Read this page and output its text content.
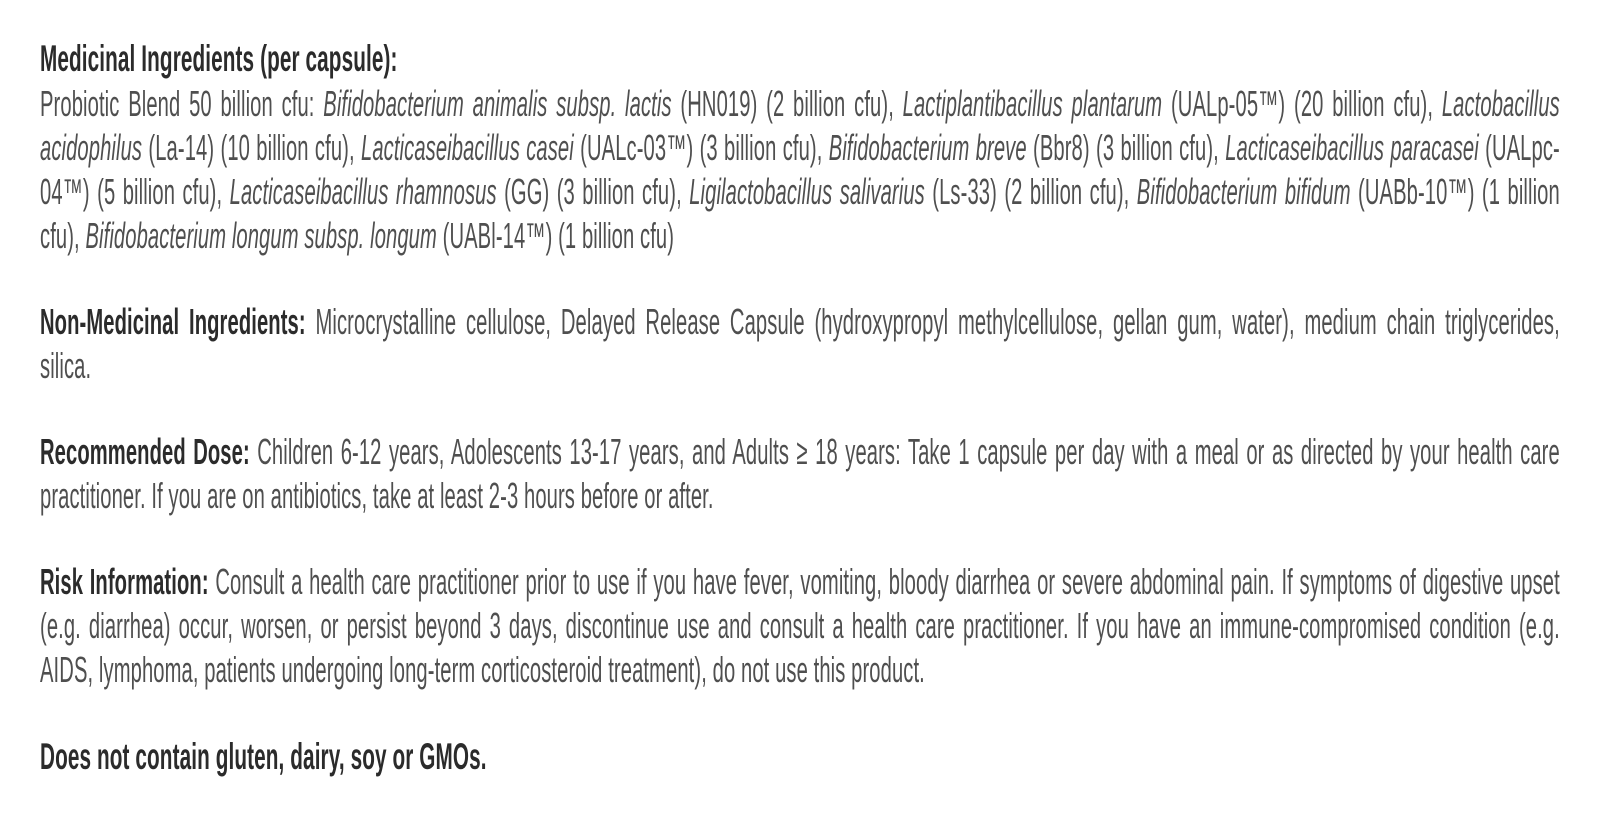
Medicinal Ingredients (per capsule):

Probiotic Blend 50 billion cfu: Bifidobacterium animalis subsp. lactis (HN019) (2 billion cfu), Lactiplantibacillus plantarum (UALp-05™) (20 billion cfu), Lactobacillus acidophilus (La-14) (10 billion cfu), Lacticaseibacillus casei (UALc-03™) (3 billion cfu), Bifidobacterium breve (Bbr8) (3 billion cfu), Lacticaseibacillus paracasei (UALpc-04™) (5 billion cfu), Lacticaseibacillus rhamnosus (GG) (3 billion cfu), Ligilactobacillus salivarius (Ls-33) (2 billion cfu), Bifidobacterium bifidum (UABb-10™) (1 billion cfu), Bifidobacterium longum subsp. longum (UABl-14™) (1 billion cfu)

Non-Medicinal Ingredients: Microcrystalline cellulose, Delayed Release Capsule (hydroxypropyl methylcellulose, gellan gum, water), medium chain triglycerides, silica.

Recommended Dose: Children 6-12 years, Adolescents 13-17 years, and Adults ≥ 18 years: Take 1 capsule per day with a meal or as directed by your health care practitioner. If you are on antibiotics, take at least 2-3 hours before or after.

Risk Information: Consult a health care practitioner prior to use if you have fever, vomiting, bloody diarrhea or severe abdominal pain. If symptoms of digestive upset (e.g. diarrhea) occur, worsen, or persist beyond 3 days, discontinue use and consult a health care practitioner. If you have an immune-compromised condition (e.g. AIDS, lymphoma, patients undergoing long-term corticosteroid treatment), do not use this product.

Does not contain gluten, dairy, soy or GMOs.
